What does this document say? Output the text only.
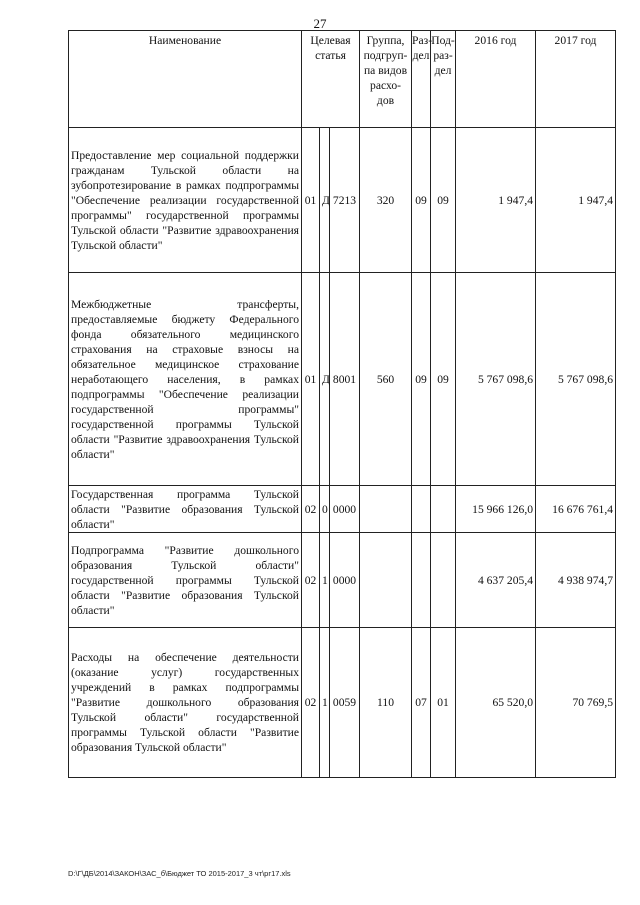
27
Наименование	Целевая статья			Группа, подгруп-па видов расхо-дов	Раз-дел	Под-раз-дел	2016 год	2017 год
Предоставление мер социальной поддержки гражданам Тульской области на зубопротезирование в рамках подпрограммы "Обеспечение реализации государственной программы" государственной программы Тульской области "Развитие здравоохранения Тульской области"	01	Д	7213	320	09	09	1 947,4	1 947,4
Межбюджетные трансферты, предоставляемые бюджету Федерального фонда обязательного медицинского страхования на страховые взносы на обязательное медицинское страхование неработающего населения, в рамках подпрограммы "Обеспечение реализации государственной программы" государственной программы Тульской области "Развитие здравоохранения Тульской области"	01	Д	8001	560	09	09	5 767 098,6	5 767 098,6
Государственная программа Тульской области "Развитие образования Тульской области"	02	0	0000				15 966 126,0	16 676 761,4
Подпрограмма "Развитие дошкольного образования Тульской области" государственной программы Тульской области "Развитие образования Тульской области"	02	1	0000				4 637 205,4	4 938 974,7
Расходы на обеспечение деятельности (оказание услуг) государственных учреждений в рамках подпрограммы "Развитие дошкольного образования Тульской области" государственной программы Тульской области "Развитие образования Тульской области"	02	1	0059	110	07	01	65 520,0	70 769,5
D:\Г\ДБ\2014\ЗАКОН\ЗАС_б\Бюджет ТО 2015-2017_3 чт\рг17.xls
